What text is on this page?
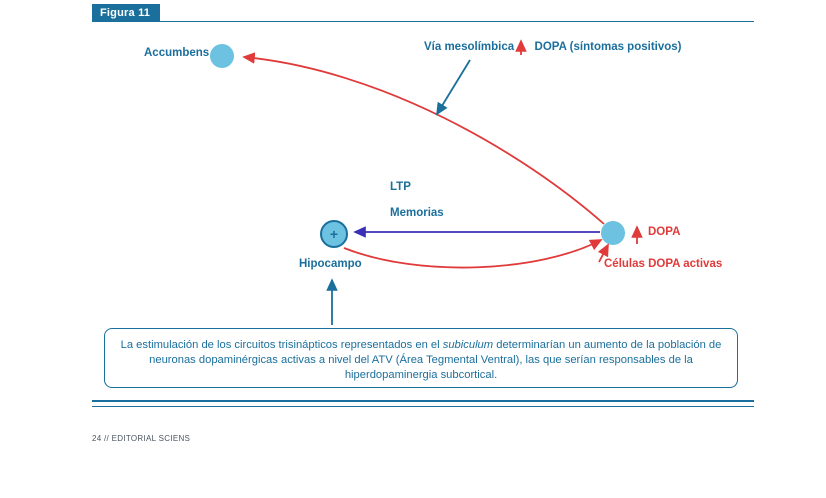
Figura 11
+
Accumbens	Vía mesolímbica DOPA (síntomas positivos)
LTP
Memorias
Hipocampo
DOPA
Células DOPA activas
La estimulación de los circuitos trisinápticos representados en el subiculum determinarían un aumento de la población de neuronas dopaminérgicas activas a nivel del ATV (Área Tegmental Ventral), las que serían responsables de la hiperdopaminergia subcortical.
24 // EDITORIAL SCIENS
